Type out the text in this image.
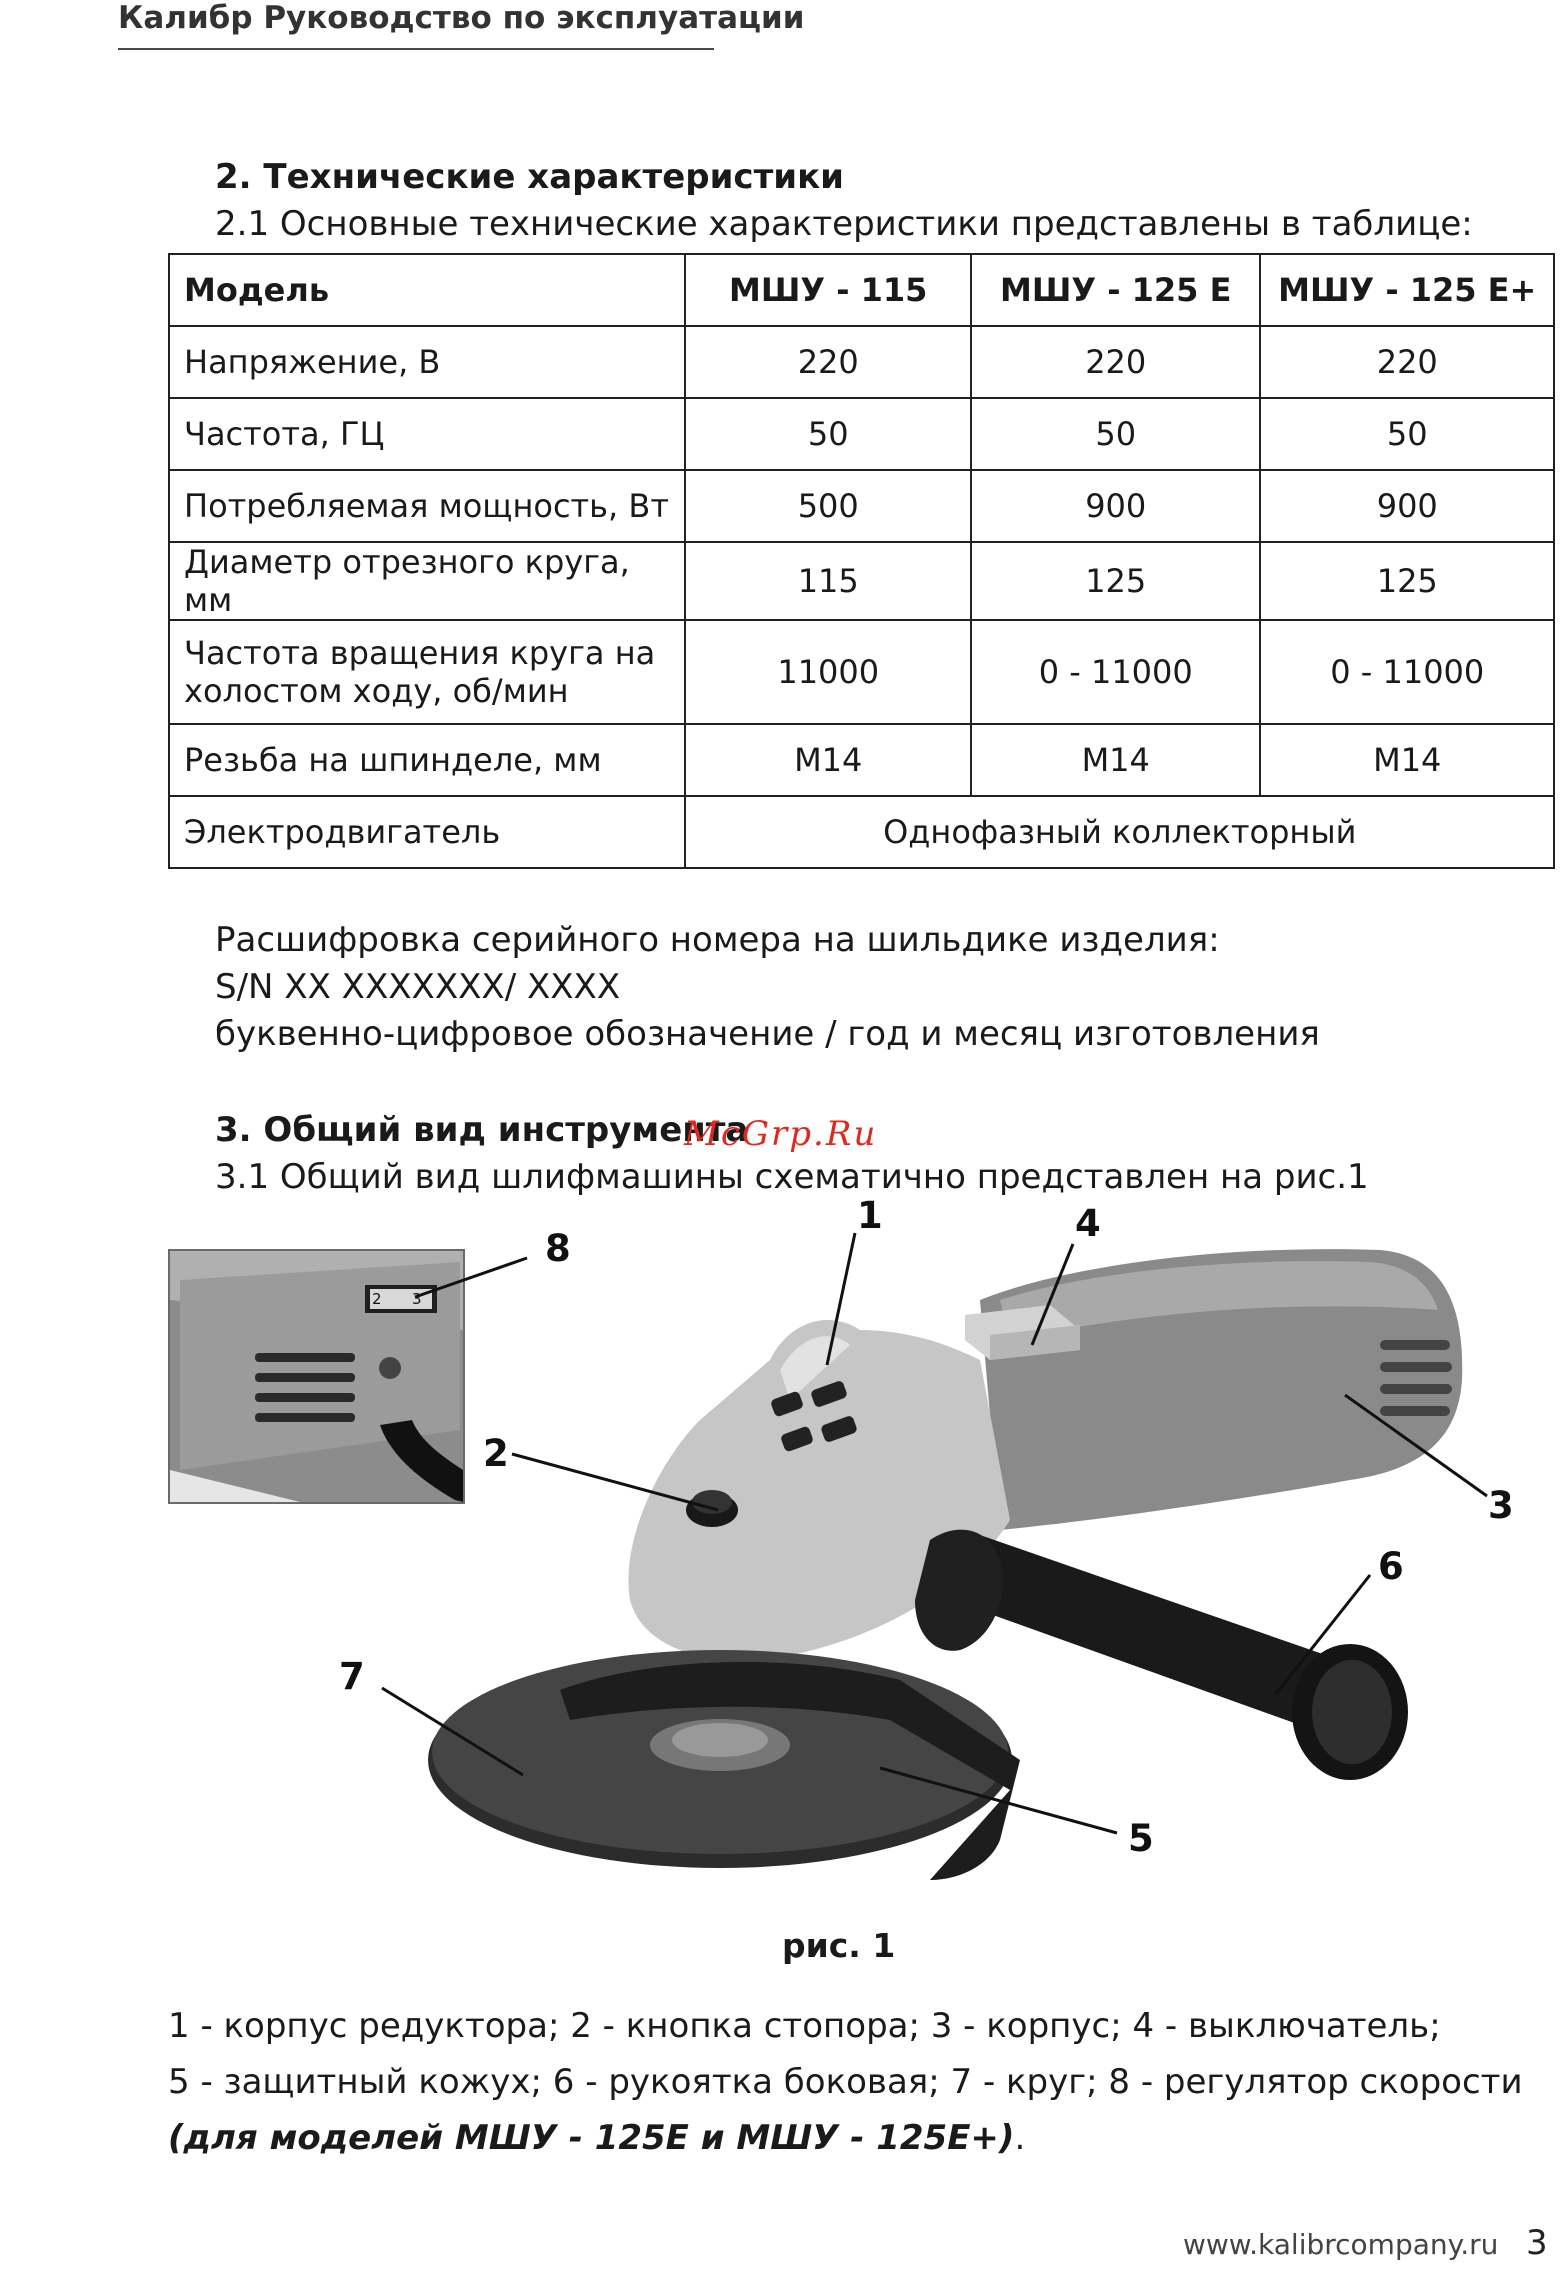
Калибр Руководство по эксплуатации
2. Технические характеристики
2.1 Основные технические характеристики представлены в таблице:
Модель	МШУ - 115	МШУ - 125 Е	МШУ - 125 Е+
Напряжение, В	220	220	220
Частота, ГЦ	50	50	50
Потребляемая мощность, Вт	500	900	900
Диаметр отрезного круга, мм	115	125	125

Частота вращения круга на
холостом ходу, об/мин	11000	0 - 11000	0 - 11000
Резьба на шпинделе, мм	М14	М14	М14
Электродвигатель	Однофазный коллекторный		
Расшифровка серийного номера на шильдике изделия:
S/N XX XXXXXXX/ XXXX
буквенно-цифровое обозначение / год и месяц изготовления
3. Общий вид инструмента
McGrp.Ru
3.1 Общий вид шлифмашины схематично представлен на рис.1
2 3
1
2
3
4
5
6
7
8
рис. 1
1 - корпус редуктора; 2 - кнопка стопора; 3 - корпус; 4 - выключатель;
5 - защитный кожух; 6 - рукоятка боковая; 7 - круг; 8 - регулятор скорости
(для моделей МШУ - 125Е и МШУ - 125Е+).
www.kalibrcompany.ru 3
